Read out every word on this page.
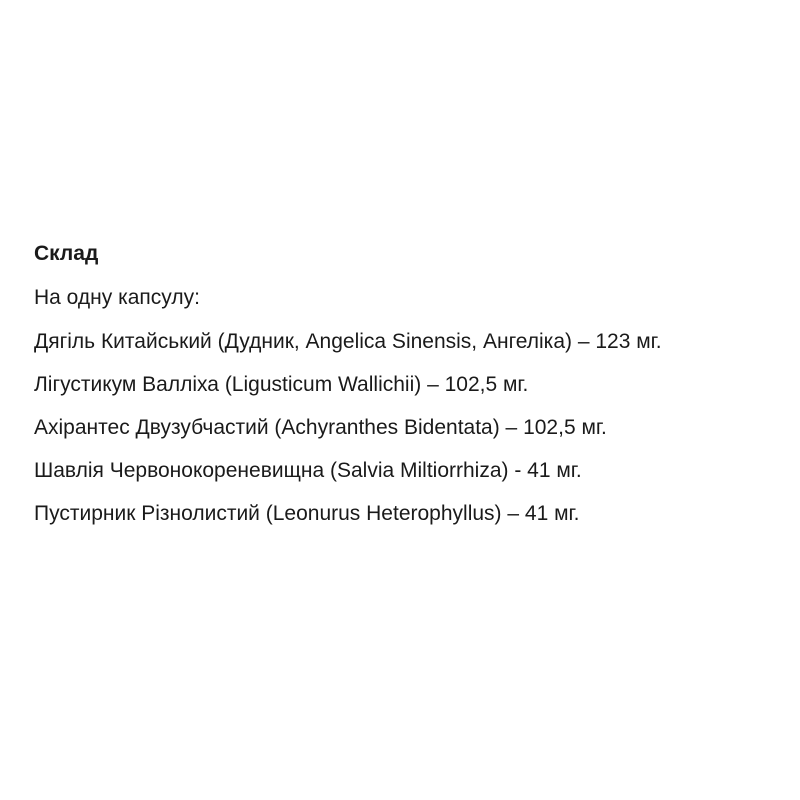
Склад
На одну капсулу:
Дягіль Китайський (Дудник, Angelica Sinensis, Ангеліка) – 123 мг.
Лігустикум Валліха (Ligusticum Wallichii) – 102,5 мг.
Ахірантес Двузубчастий (Achyranthes Bidentata) – 102,5 мг.
Шавлія Червонокореневищна (Salvia Miltiorrhiza) - 41 мг.
Пустирник Різнолистий (Leonurus Heterophyllus) – 41 мг.
